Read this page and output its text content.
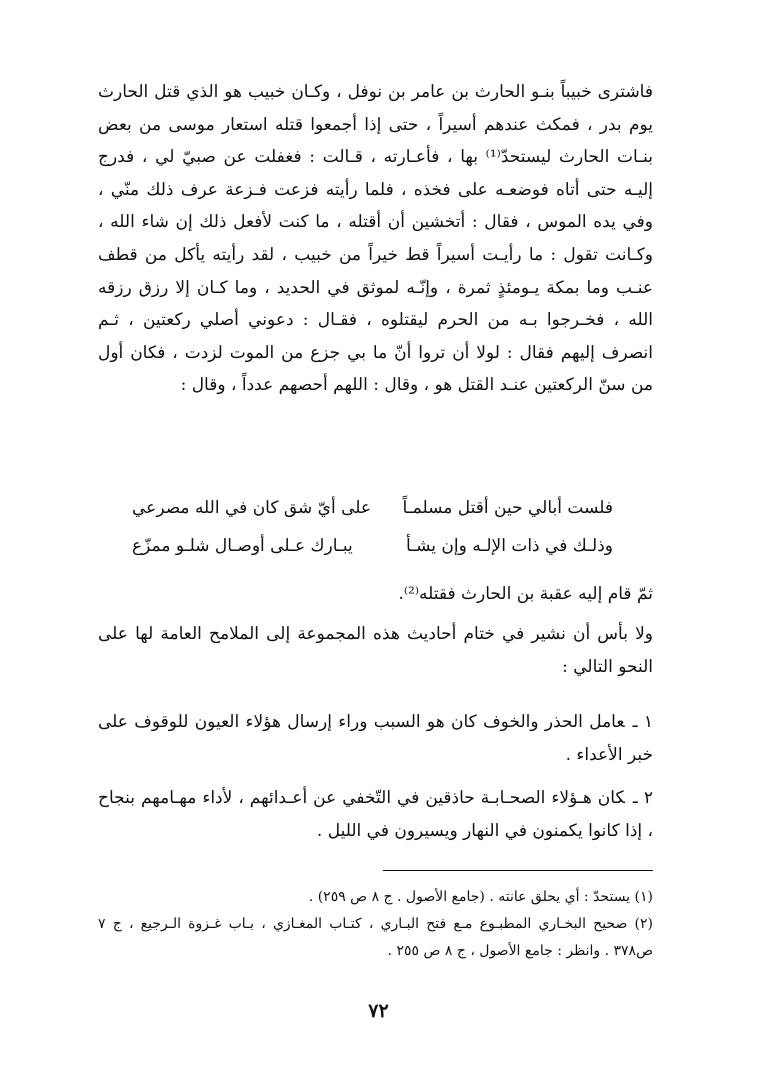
فاشترى خبيباً بنـو الحارث بن عامر بن نوفل ، وكـان خبيب هو الذي قتل الحارث يوم بدر ، فمكث عندهم أسيراً ، حتى إذا أجمعوا قتله استعار موسى من بعض بنـات الحارث ليستحدّ⁽¹⁾ بها ، فأعـارته ، قـالت : فغفلت عن صبيّ لي ، فدرج إليـه حتى أتاه فوضعـه على فخذه ، فلما رأيته فزعت فـزعة عرف ذلك منّي ، وفي يده الموس ، فقال : أتخشين أن أقتله ، ما كنت لأفعل ذلك إن شاء الله ، وكـانت تقول : ما رأيـت أسيراً قط خيراً من خبيب ، لقد رأيته يأكل من قطف عنـب وما بمكة يـومئذٍ ثمرة ، وإنّـه لموثق في الحديد ، وما كـان إلا رزق رزقه الله ، فخـرجوا بـه من الحرم ليقتلوه ، فقـال : دعوني أصلي ركعتين ، ثـم انصرف إليهم فقال : لولا أن تروا أنّ ما بي جزع من الموت لزدت ، فكان أول من سنّ الركعتين عنـد القتل هو ، وقال : اللهم أحصهم عدداً ، وقال :

فلست أبالي حين أقتل مسلمـاً
على أيّ شق كان في الله مصرعي
وذلـك في ذات الإلـه وإن يشـأ
يبـارك عـلى أوصـال شلـو ممزّع
ثمّ قام إليه عقبة بن الحارث فقتله⁽²⁾.
ولا بأس أن نشير في ختام أحاديث هذه المجموعة إلى الملامح العامة لها على النحو التالي :
١ ـعامل الحذر والخوف كان هو السبب وراء إرسال هؤلاء العيون للوقوف على خبر الأعداء .
٢ ـكان هـؤلاء الصحـابـة حاذقين في التّخفي عن أعـدائهم ، لأداء مهـامهم بنجاح ، إذا كانوا يكمنون في النهار ويسيرون في الليل .

(١) يستحدّ : أي يحلق عانته . (جامع الأصول . ج ٨ ص ٢٥٩) .

(٢) صحيح البخـاري المطبـوع مـع فتح البـاري ، كتـاب المغـازي ، بـاب غـزوة الـرجيع ، ج ٧ ص٣٧٨ . وانظر : جامع الأصول ، ج ٨ ص ٢٥٥ .

٧٢
